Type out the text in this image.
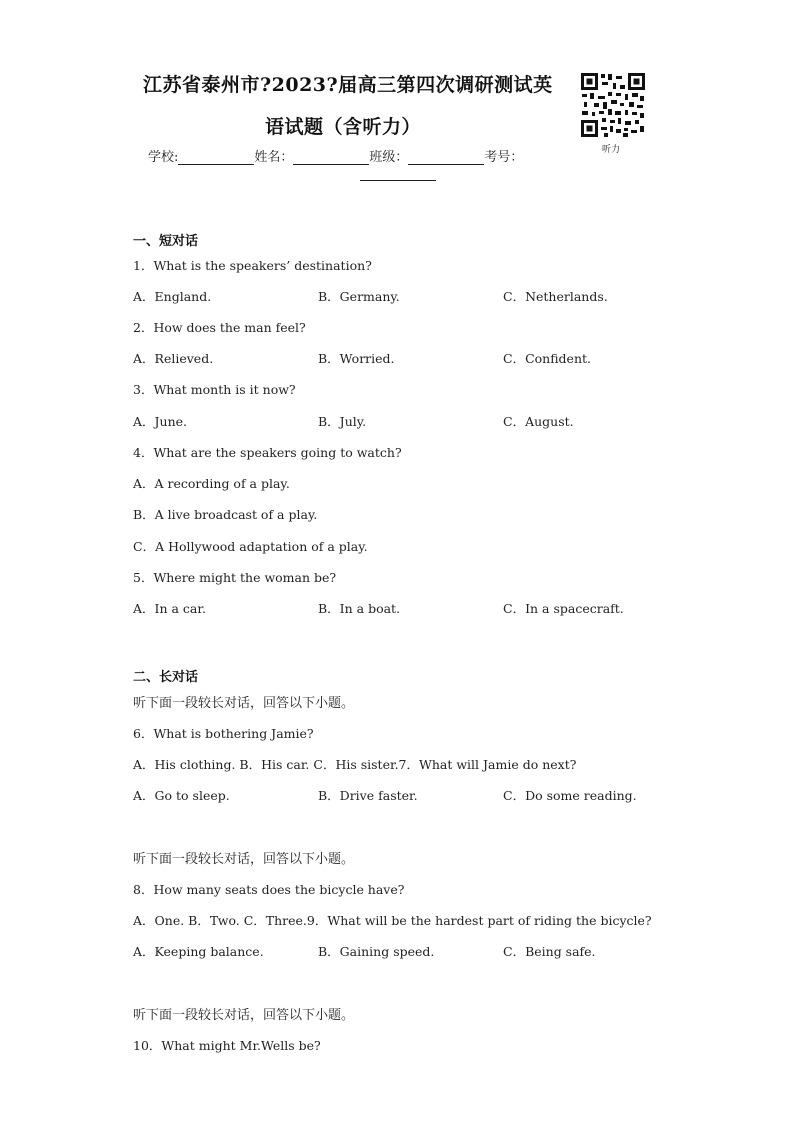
江苏省泰州市?2023?届高三第四次调研测试英
语试题（含听力）
听力
学校:	姓名：	班级：	考号：
一、短对话
1．What is the speakers’ destination?
A．England.	B．Germany.	C．Netherlands.
2．How does the man feel?
A．Relieved.	B．Worried.	C．Confident.
3．What month is it now?
A．June.	B．July.	C．August.
4．What are the speakers going to watch?
A．A recording of a play.
B．A live broadcast of a play.
C．A Hollywood adaptation of a play.
5．Where might the woman be?
A．In a car.	B．In a boat.	C．In a spacecraft.
二、长对话
听下面一段较长对话，回答以下小题。
6．What is bothering Jamie?
A．His clothing. B．His car. C．His sister.7．What will Jamie do next?
A．Go to sleep.	B．Drive faster.	C．Do some reading.
听下面一段较长对话，回答以下小题。
8．How many seats does the bicycle have?
A．One. B．Two. C．Three.9．What will be the hardest part of riding the bicycle?
A．Keeping balance.	B．Gaining speed.	C．Being safe.
听下面一段较长对话，回答以下小题。
10．What might Mr.Wells be?
